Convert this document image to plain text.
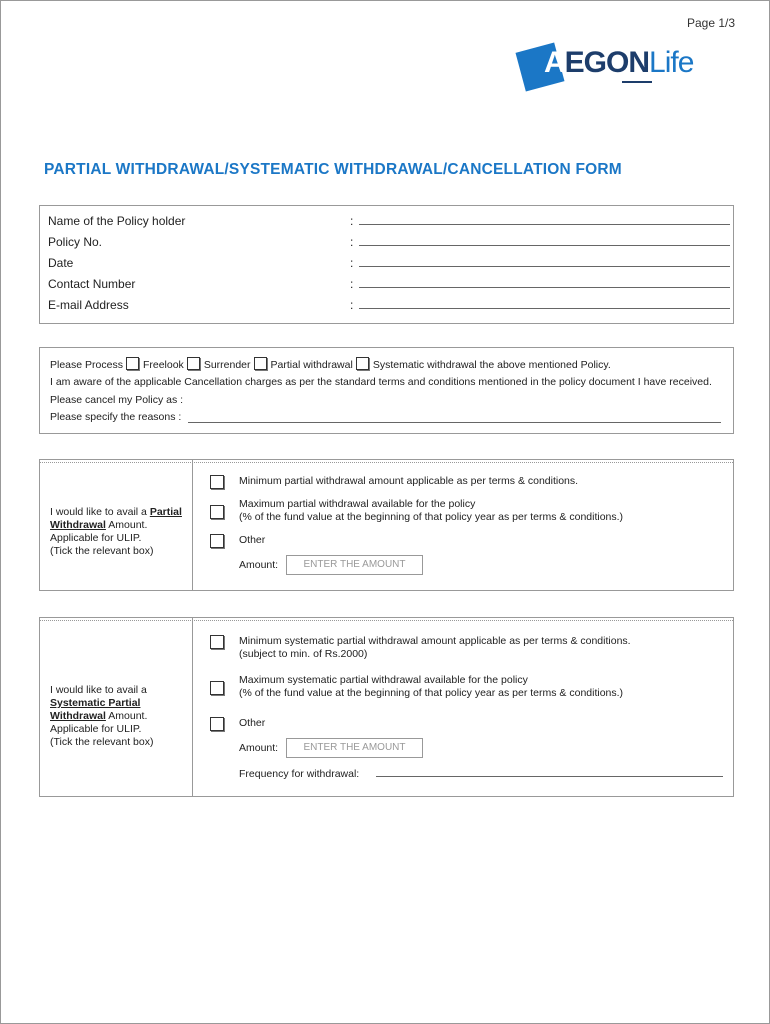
Page 1/3
AEGONLife
PARTIAL WITHDRAWAL/SYSTEMATIC WITHDRAWAL/CANCELLATION FORM
Name of the Policy holder	:
Policy No.	:
Date	:
Contact Number	:
E-mail Address	:
Please Process Freelook Surrender Partial withdrawal Systematic withdrawal the above mentioned Policy.
I am aware of the applicable Cancellation charges as per the standard terms and conditions mentioned in the policy document I have received.
Please cancel my Policy as :
Please specify the reasons :
I would like to avail a Partial
Withdrawal Amount.
Applicable for ULIP.
(Tick the relevant box)
Minimum partial withdrawal amount applicable as per terms & conditions.
Maximum partial withdrawal available for the policy
(% of the fund value at the beginning of that policy year as per terms & conditions.)
Other
Amount:	ENTER THE AMOUNT
I would like to avail a
Systematic Partial
Withdrawal Amount.
Applicable for ULIP.
(Tick the relevant box)
Minimum systematic partial withdrawal amount applicable as per terms & conditions.
(subject to min. of Rs.2000)
Maximum systematic partial withdrawal available for the policy
(% of the fund value at the beginning of that policy year as per terms & conditions.)
Other
Amount:	ENTER THE AMOUNT
Frequency for withdrawal:
